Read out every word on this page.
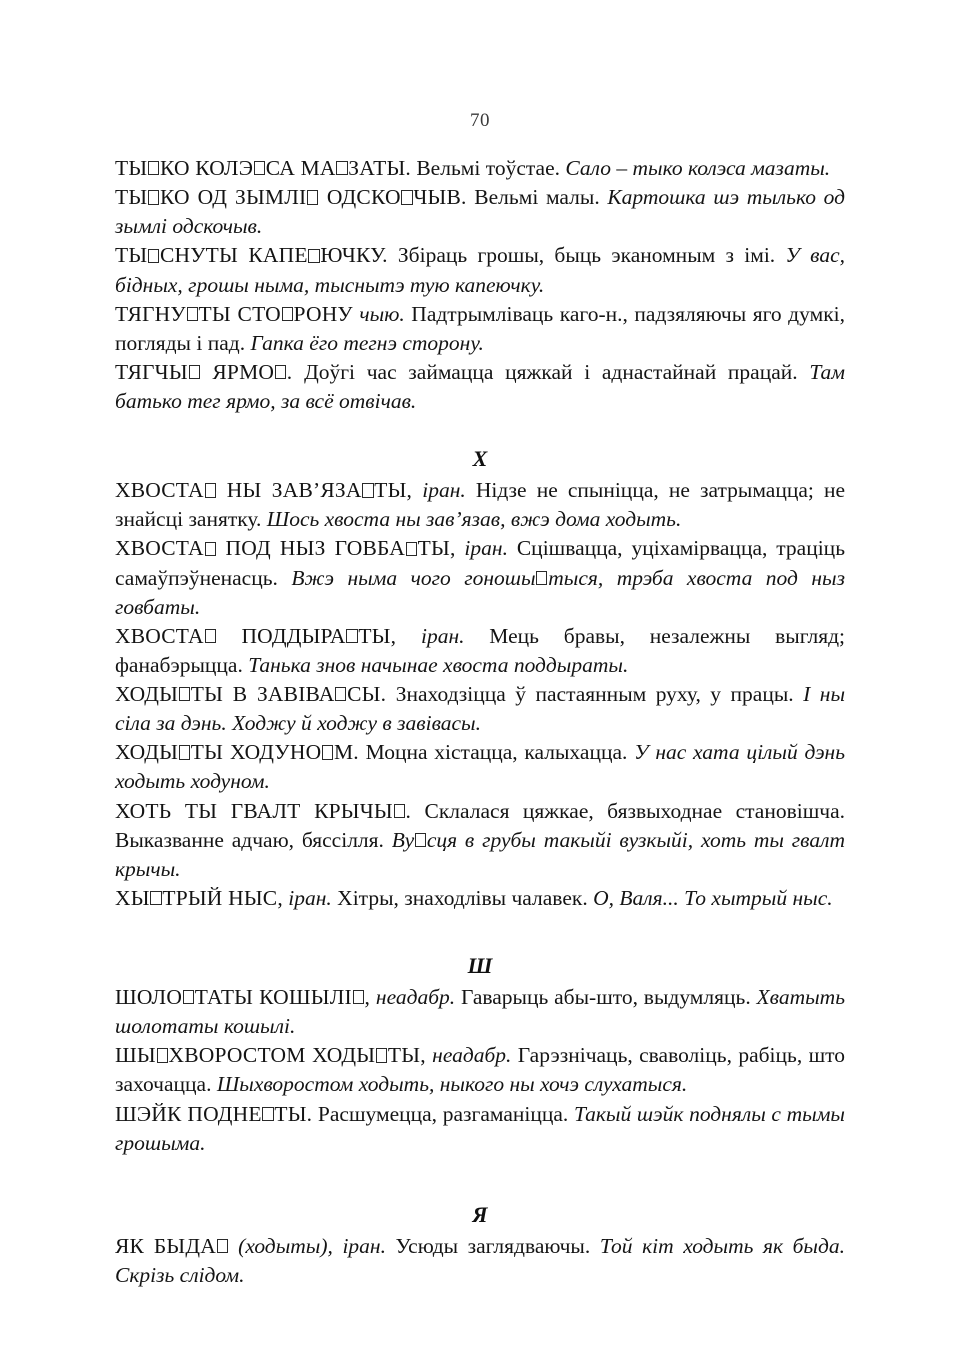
70

ТЫ КО КОЛЭ СА МА ЗАТЫ. Вельмі тоўстае. Сало – тыко колэса мазаты.

ТЫ КО ОД ЗЫМЛІ ОДСКО ЧЫВ. Вельмі малы. Картошка шэ тылько од зымлі одскочыв.

ТЫ СНУТЫ КАПЕ ЮЧКУ. Збіраць грошы, быць эканомным з імі. У вас, бідных, грошы ныма, тыснытэ тую капеючку.

ТЯГНУ ТЫ СТО РОНУ чыю. Падтрымліваць каго-н., падзяляючы яго думкі, погляды і пад. Гапка ёго тегнэ сторону.

ТЯГЧЫ ЯРМО . Доўгі час займацца цяжкай і аднастайнай працай. Там батько тег ярмо, за всё отвічав.

Х

ХВОСТА НЫ ЗАВ’ЯЗА ТЫ, іран. Нідзе не спыніцца, не затрымацца; не знайсці занятку. Шось хвоста ны зав’язав, вжэ дома ходыть.

ХВОСТА ПОД НЫЗ ГОВБА ТЫ, іран. Сцішвацца, уціхамірвацца, траціць самаўпэўненасць. Вжэ ныма чого гоношы тыся, трэба хвоста под ныз говбаты.

ХВОСТА ПОДДЫРА ТЫ, іран. Мець бравы, незалежны выгляд; фанабэрыцца. Танька знов начынае хвоста поддыраты.

ХОДЫ ТЫ В ЗАВІВА СЫ. Знаходзіцца ў пастаянным руху, у працы. І ны сіла за дэнь. Ходжу й ходжу в завівасы.

ХОДЫ ТЫ ХОДУНО М. Моцна хістацца, калыхацца. У нас хата цілый дэнь ходыть ходуном.

ХОТЬ ТЫ ГВАЛТ КРЫЧЫ . Склалася цяжкае, бязвыходнае становішча. Выказванне адчаю, бяссілля. Ву сця в грубы такыйі вузкыйі, хоть ты гвалт крычы.

ХЫ ТРЫЙ НЫС, іран. Хітры, знаходлівы чалавек. О, Валя... То хытрый ныс.

Ш

ШОЛО ТАТЫ КОШЫЛІ , неадабр. Гаварыць абы-што, выдумляць. Хватыть шолотаты кошылі.

ШЫ ХВОРОСТОМ ХОДЫ ТЫ, неадабр. Гарэзнічаць, сваволіць, рабіць, што захочацца. Шыхворостом ходыть, ныкого ны хочэ слухатыся.

ШЭЙК ПОДНЕ ТЫ. Расшумецца, разгаманіцца. Такый шэйк поднялы с тымы грошыма.

Я

ЯК БЫДА (ходыты), іран. Усюды заглядваючы. Той кіт ходыть як быда. Скрізь слідом.
